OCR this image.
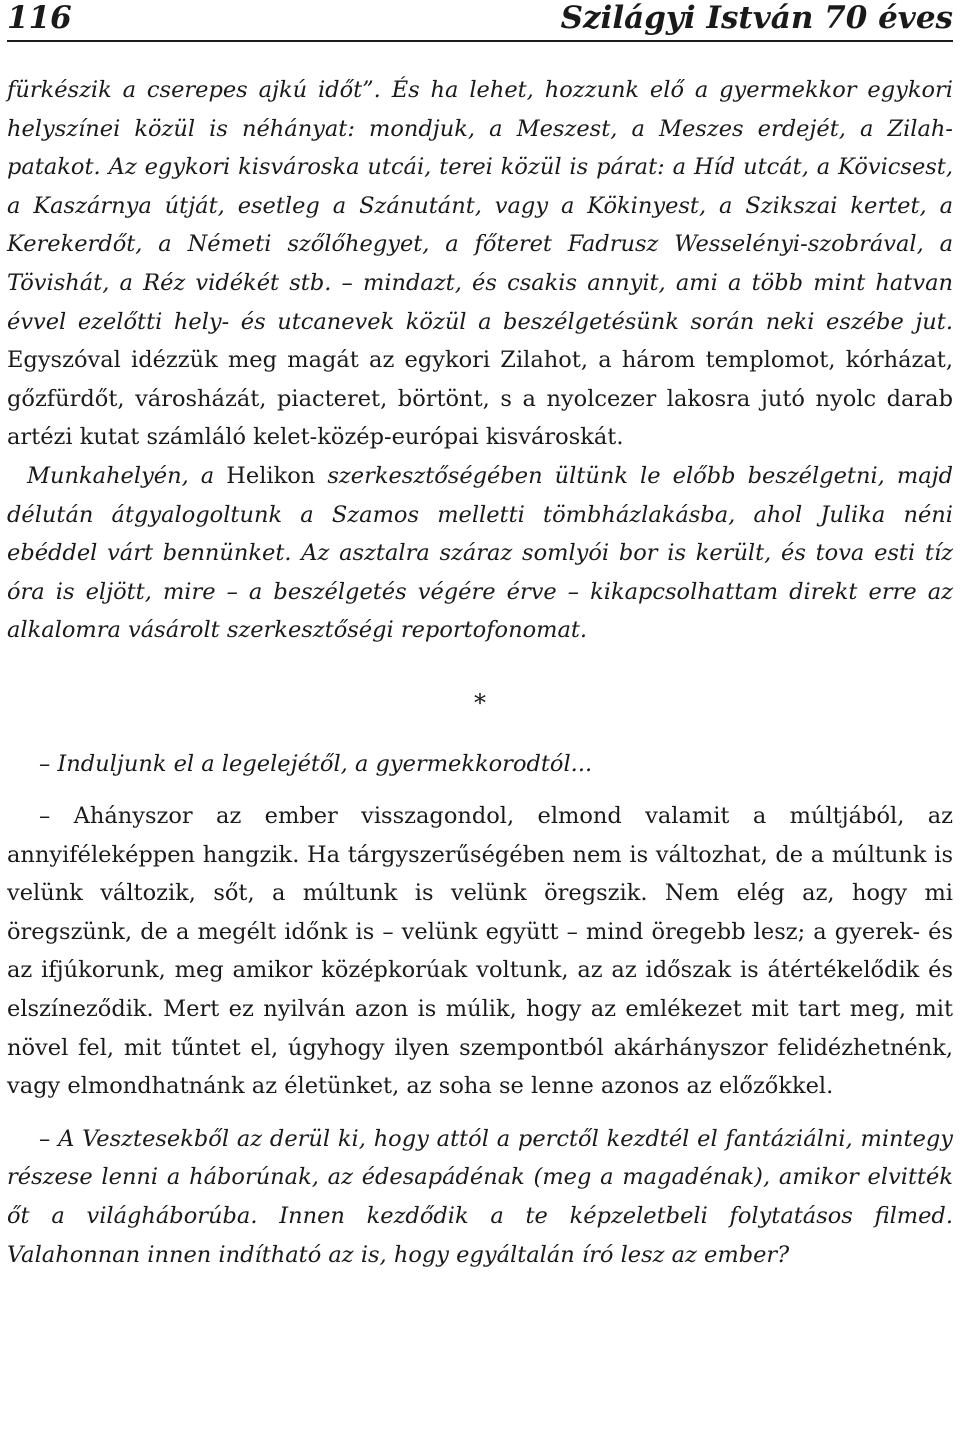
116	Szilágyi István 70 éves

fürkészik a cserepes ajkú időt”. És ha lehet, hozzunk elő a gyermekkor egykori helyszínei közül is néhányat: mondjuk, a Meszest, a Meszes erdejét, a Zilah-patakot. Az egykori kisvároska utcái, terei közül is párat: a Híd utcát, a Kövicsest, a Kaszárnya útját, esetleg a Szánutánt, vagy a Kökinyest, a Szikszai kertet, a Kerekerdőt, a Németi szőlőhegyet, a főteret Fadrusz Wesselényi-szobrával, a Tövishát, a Réz vidékét stb. – mindazt, és csakis annyit, ami a több mint hatvan évvel ezelőtti hely- és utcanevek közül a beszélgetésünk során neki eszébe jut. Egyszóval idézzük meg magát az egykori Zilahot, a három templomot, kórházat, gőzfürdőt, városházát, piacteret, börtönt, s a nyolcezer lakosra jutó nyolc darab artézi kutat számláló kelet-közép-európai kisvároskát.

Munkahelyén, a Helikon szerkesztőségében ültünk le előbb beszélgetni, majd délután átgyalogoltunk a Szamos melletti tömbházlakásba, ahol Julika néni ebéddel várt bennünket. Az asztalra száraz somlyói bor is került, és tova esti tíz óra is eljött, mire – a beszélgetés végére érve – kikapcsolhattam direkt erre az alkalomra vásárolt szerkesztőségi reportofonomat.

*

– Induljunk el a legelejétől, a gyermekkorodtól...

– Ahányszor az ember visszagondol, elmond valamit a múltjából, az annyiféleképpen hangzik. Ha tárgyszerűségében nem is változhat, de a múltunk is velünk változik, sőt, a múltunk is velünk öregszik. Nem elég az, hogy mi öregszünk, de a megélt időnk is – velünk együtt – mind öregebb lesz; a gyerek- és az ifjúkorunk, meg amikor középkorúak voltunk, az az időszak is átértékelődik és elszíneződik. Mert ez nyilván azon is múlik, hogy az emlékezet mit tart meg, mit növel fel, mit tűntet el, úgyhogy ilyen szempontból akárhányszor felidézhetnénk, vagy elmondhatnánk az életünket, az soha se lenne azonos az előzőkkel.

– A Vesztesekből az derül ki, hogy attól a perctől kezdtél el fantáziálni, mintegy részese lenni a háborúnak, az édesapádénak (meg a magadénak), amikor elvitték őt a világháborúba. Innen kezdődik a te képzeletbeli folytatásos filmed. Valahonnan innen indítható az is, hogy egyáltalán író lesz az ember?
